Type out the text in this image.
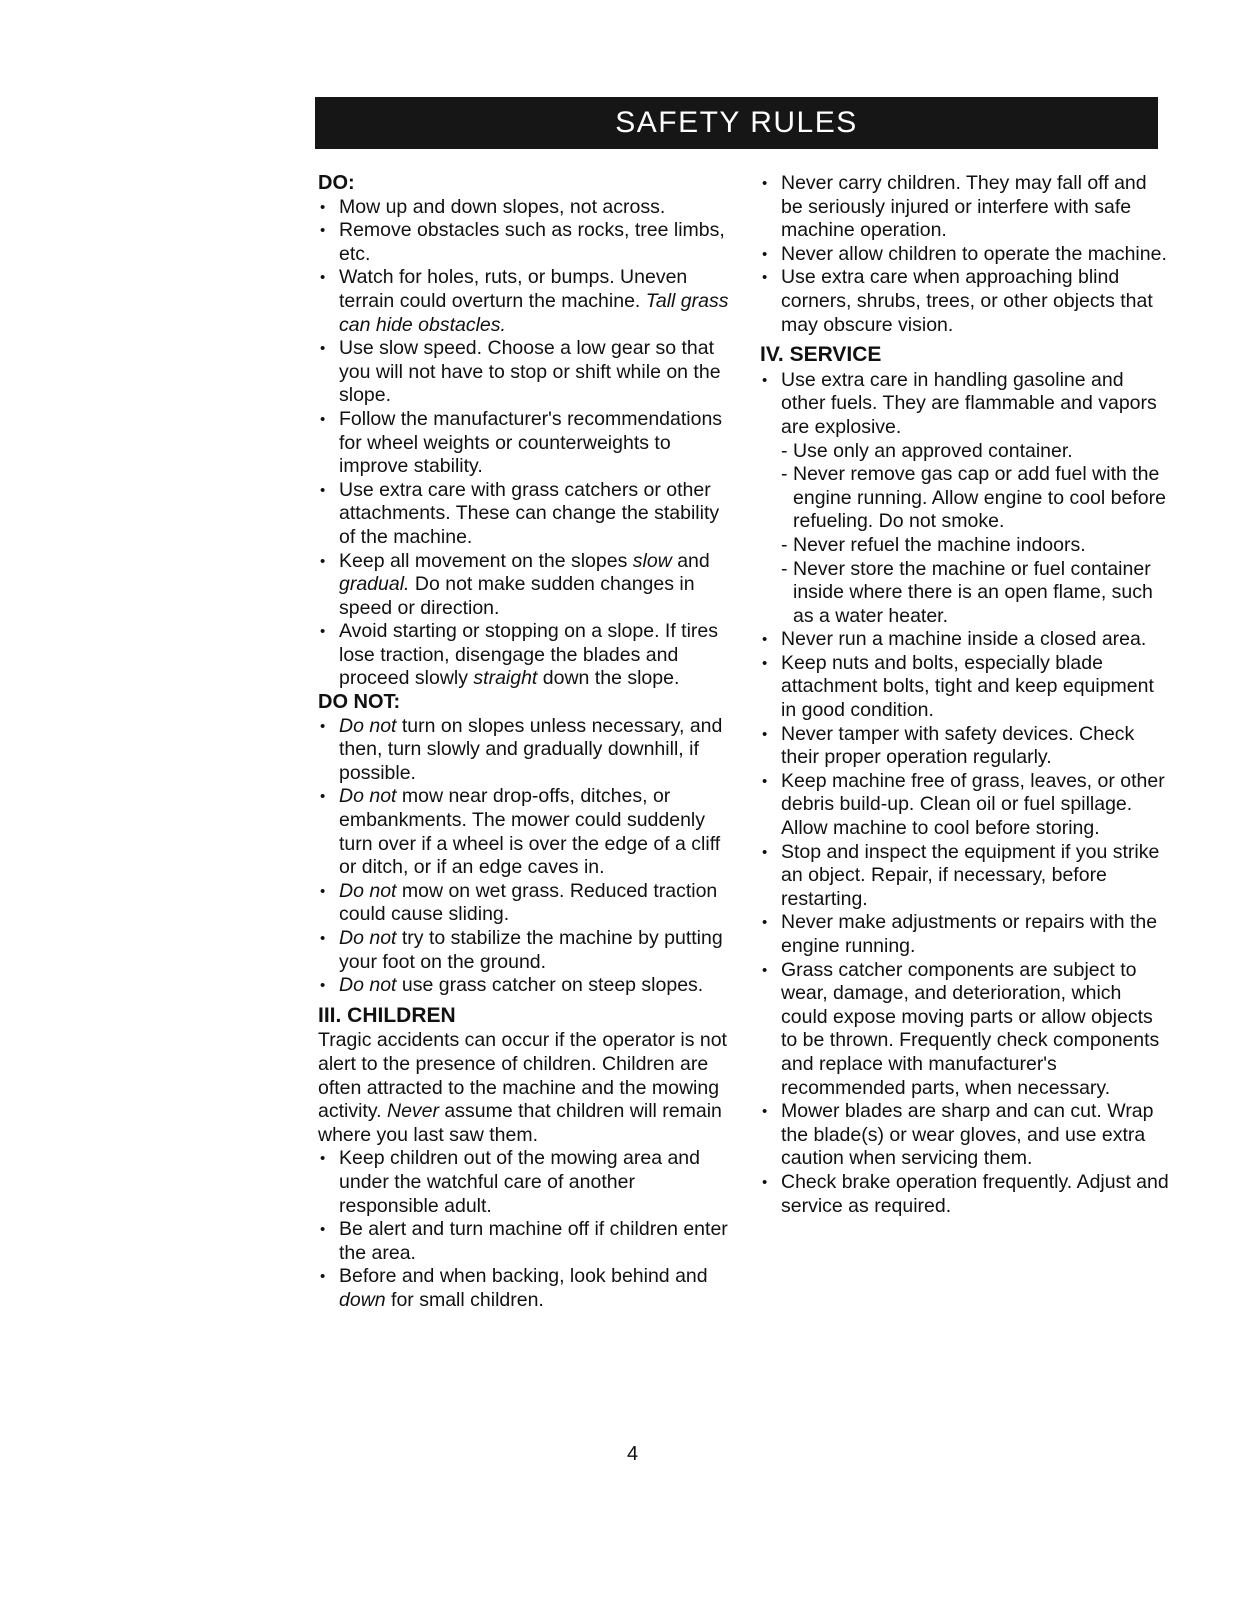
SAFETY RULES
DO:
• Mow up and down slopes, not across.
• Remove obstacles such as rocks, tree limbs, etc.
• Watch for holes, ruts, or bumps. Uneven terrain could overturn the machine. Tall grass can hide obstacles.
• Use slow speed. Choose a low gear so that you will not have to stop or shift while on the slope.
• Follow the manufacturer's recommendations for wheel weights or counterweights to improve stability.
• Use extra care with grass catchers or other attachments. These can change the stability of the machine.
• Keep all movement on the slopes slow and gradual. Do not make sudden changes in speed or direction.
• Avoid starting or stopping on a slope. If tires lose traction, disengage the blades and proceed slowly straight down the slope.
DO NOT:
• Do not turn on slopes unless necessary, and then, turn slowly and gradually downhill, if possible.
• Do not mow near drop-offs, ditches, or embankments. The mower could suddenly turn over if a wheel is over the edge of a cliff or ditch, or if an edge caves in.
• Do not mow on wet grass. Reduced traction could cause sliding.
• Do not try to stabilize the machine by putting your foot on the ground.
• Do not use grass catcher on steep slopes.
III. CHILDREN

Tragic accidents can occur if the operator is not alert to the presence of children. Children are often attracted to the machine and the mowing activity. Never assume that children will remain where you last saw them.

• Keep children out of the mowing area and under the watchful care of another responsible adult.
• Be alert and turn machine off if children enter the area.
• Before and when backing, look behind and down for small children.
• Never carry children. They may fall off and be seriously injured or interfere with safe machine operation.
• Never allow children to operate the machine.
• Use extra care when approaching blind corners, shrubs, trees, or other objects that may obscure vision.
IV. SERVICE
• Use extra care in handling gasoline and other fuels. They are flammable and vapors are explosive.
- Use only an approved container.
- Never remove gas cap or add fuel with the engine running. Allow engine to cool before refueling. Do not smoke.
- Never refuel the machine indoors.
- Never store the machine or fuel container inside where there is an open flame, such as a water heater.
• Never run a machine inside a closed area.
• Keep nuts and bolts, especially blade attachment bolts, tight and keep equipment in good condition.
• Never tamper with safety devices. Check their proper operation regularly.
• Keep machine free of grass, leaves, or other debris build-up. Clean oil or fuel spillage. Allow machine to cool before storing.
• Stop and inspect the equipment if you strike an object. Repair, if necessary, before restarting.
• Never make adjustments or repairs with the engine running.
• Grass catcher components are subject to wear, damage, and deterioration, which could expose moving parts or allow objects to be thrown. Frequently check components and replace with manufacturer's recommended parts, when necessary.
• Mower blades are sharp and can cut. Wrap the blade(s) or wear gloves, and use extra caution when servicing them.
• Check brake operation frequently. Adjust and service as required.
4
